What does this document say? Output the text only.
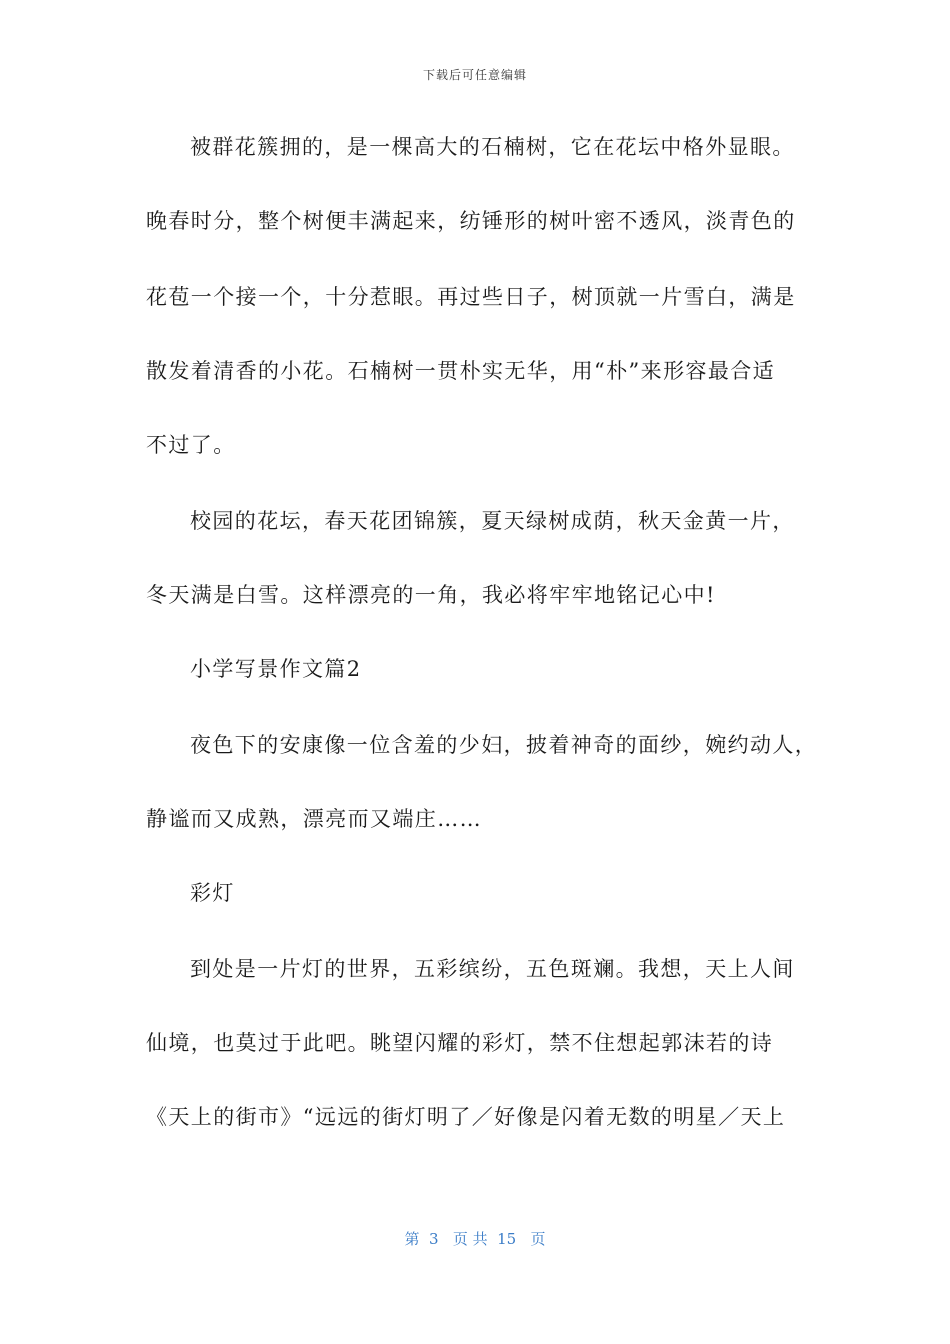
下载后可任意编辑
被群花簇拥的，是一棵高大的石楠树，它在花坛中格外显眼。
晚春时分，整个树便丰满起来，纺锤形的树叶密不透风，淡青色的
花苞一个接一个，十分惹眼。再过些日子，树顶就一片雪白，满是
散发着清香的小花。石楠树一贯朴实无华，用“朴”来形容最合适
不过了。
校园的花坛，春天花团锦簇，夏天绿树成荫，秋天金黄一片，
冬天满是白雪。这样漂亮的一角，我必将牢牢地铭记心中!
小学写景作文篇2
夜色下的安康像一位含羞的少妇，披着神奇的面纱，婉约动人，
静谧而又成熟，漂亮而又端庄……
彩灯
到处是一片灯的世界，五彩缤纷，五色斑斓。我想，天上人间
仙境，也莫过于此吧。眺望闪耀的彩灯，禁不住想起郭沫若的诗
《天上的街市》“远远的街灯明了／好像是闪着无数的明星／天上
第  3   页 共  15   页
